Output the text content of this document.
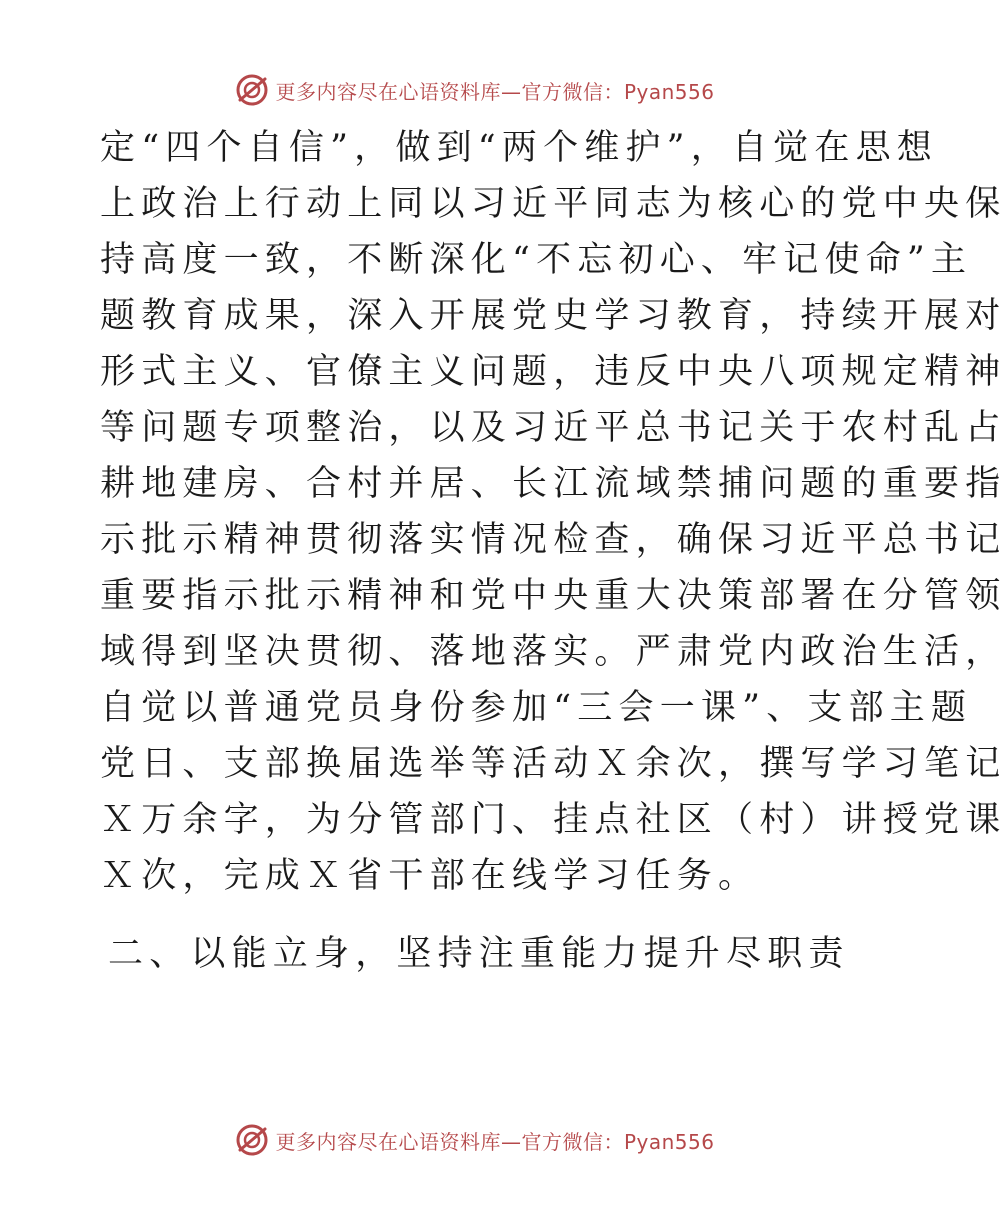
更多内容尽在心语资料库—官方微信：Pyan556
定“四个自信”，做到“两个维护”，自觉在思想
上政治上行动上同以习近平同志为核心的党中央保
持高度一致，不断深化“不忘初心、牢记使命”主
题教育成果，深入开展党史学习教育，持续开展对
形式主义、官僚主义问题，违反中央八项规定精神
等问题专项整治，以及习近平总书记关于农村乱占
耕地建房、合村并居、长江流域禁捕问题的重要指
示批示精神贯彻落实情况检查，确保习近平总书记
重要指示批示精神和党中央重大决策部署在分管领
域得到坚决贯彻、落地落实。严肃党内政治生活，
自觉以普通党员身份参加“三会一课”、支部主题
党日、支部换届选举等活动Ｘ余次，撰写学习笔记
Ｘ万余字，为分管部门、挂点社区（村）讲授党课
Ｘ次，完成Ｘ省干部在线学习任务。
二、以能立身，坚持注重能力提升尽职责
更多内容尽在心语资料库—官方微信：Pyan556
